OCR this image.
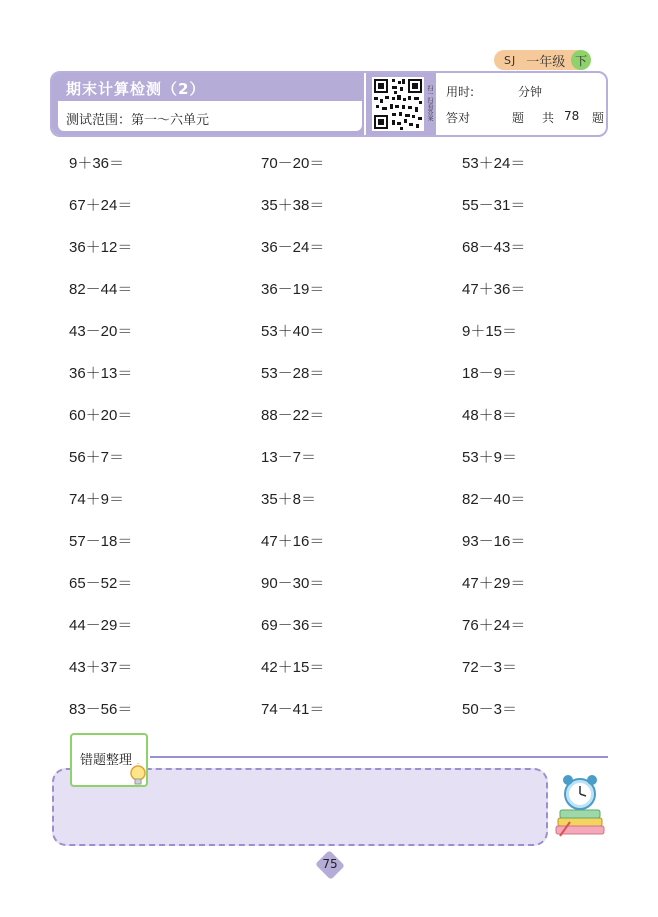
SJ 一年级 下
期末计算检测（2）
测试范围：第一～六单元	扫一扫看答案 用时:	分钟
答对	题 共 78 题
9＋36＝
67＋24＝
36＋12＝
82－44＝
43－20＝
36＋13＝
60＋20＝
56＋7＝
74＋9＝
57－18＝
65－52＝
44－29＝
43＋37＝
83－56＝
70－20＝
35＋38＝
36－24＝
36－19＝
53＋40＝
53－28＝
88－22＝
13－7＝
35＋8＝
47＋16＝
90－30＝
69－36＝
42＋15＝
74－41＝
53＋24＝
55－31＝
68－43＝
47＋36＝
9＋15＝
18－9＝
48＋8＝
53＋9＝
82－40＝
93－16＝
47＋29＝
76＋24＝
72－3＝
50－3＝
错题整理
75
